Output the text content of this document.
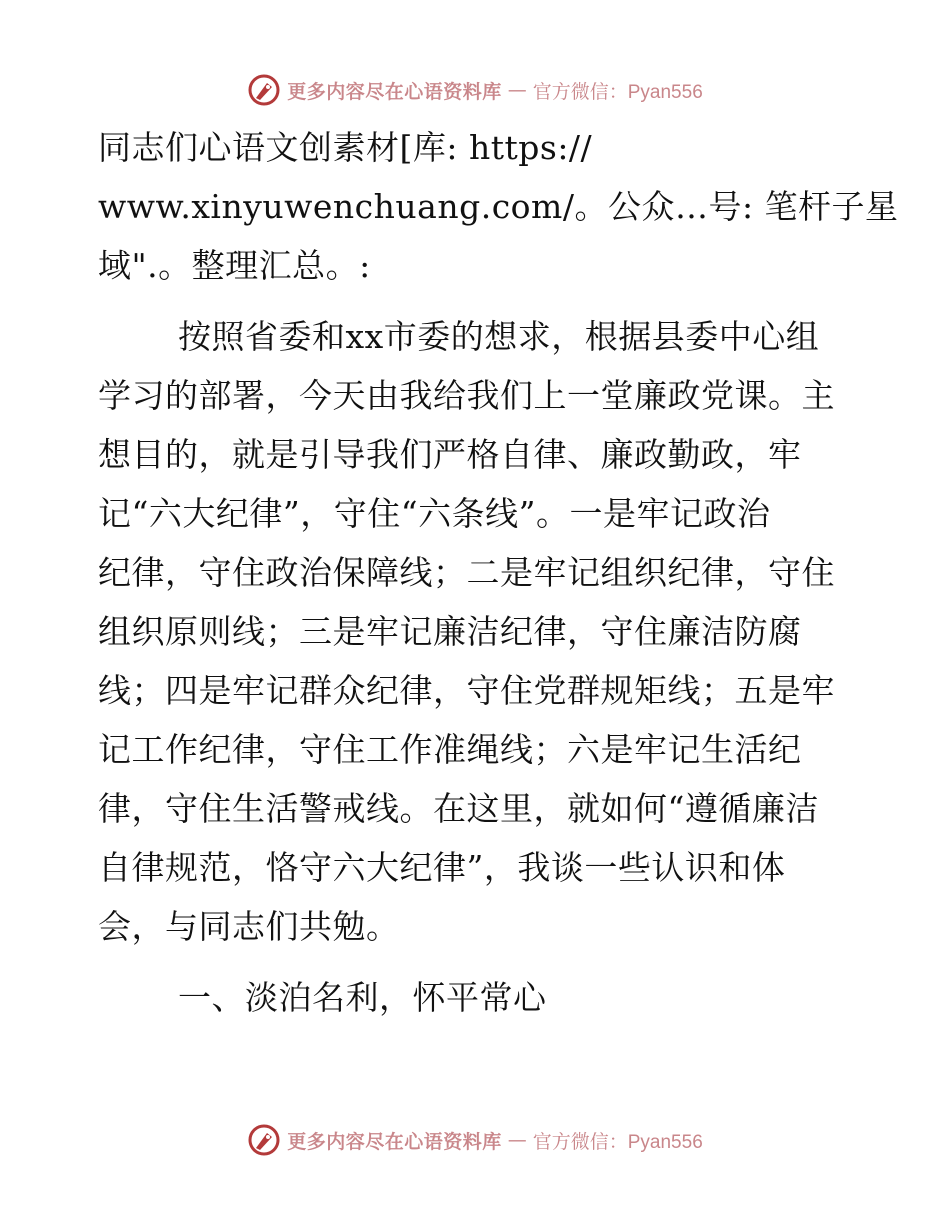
更多内容尽在心语资料库 — 官方微信：Pyan556
同志们心语文创素材[库: https://
www.xinyuwenchuang.com/。公众…号: 笔杆子星
域".。整理汇总。:
按照省委和xx市委的想求，根据县委中心组
学习的部署，今天由我给我们上一堂廉政党课。主
想目的，就是引导我们严格自律、廉政勤政，牢
记“六大纪律”，守住“六条线”。一是牢记政治
纪律，守住政治保障线；二是牢记组织纪律，守住
组织原则线；三是牢记廉洁纪律，守住廉洁防腐
线；四是牢记群众纪律，守住党群规矩线；五是牢
记工作纪律，守住工作准绳线；六是牢记生活纪
律，守住生活警戒线。在这里，就如何“遵循廉洁
自律规范，恪守六大纪律”，我谈一些认识和体
会，与同志们共勉。
一、淡泊名利，怀平常心
更多内容尽在心语资料库 — 官方微信：Pyan556
